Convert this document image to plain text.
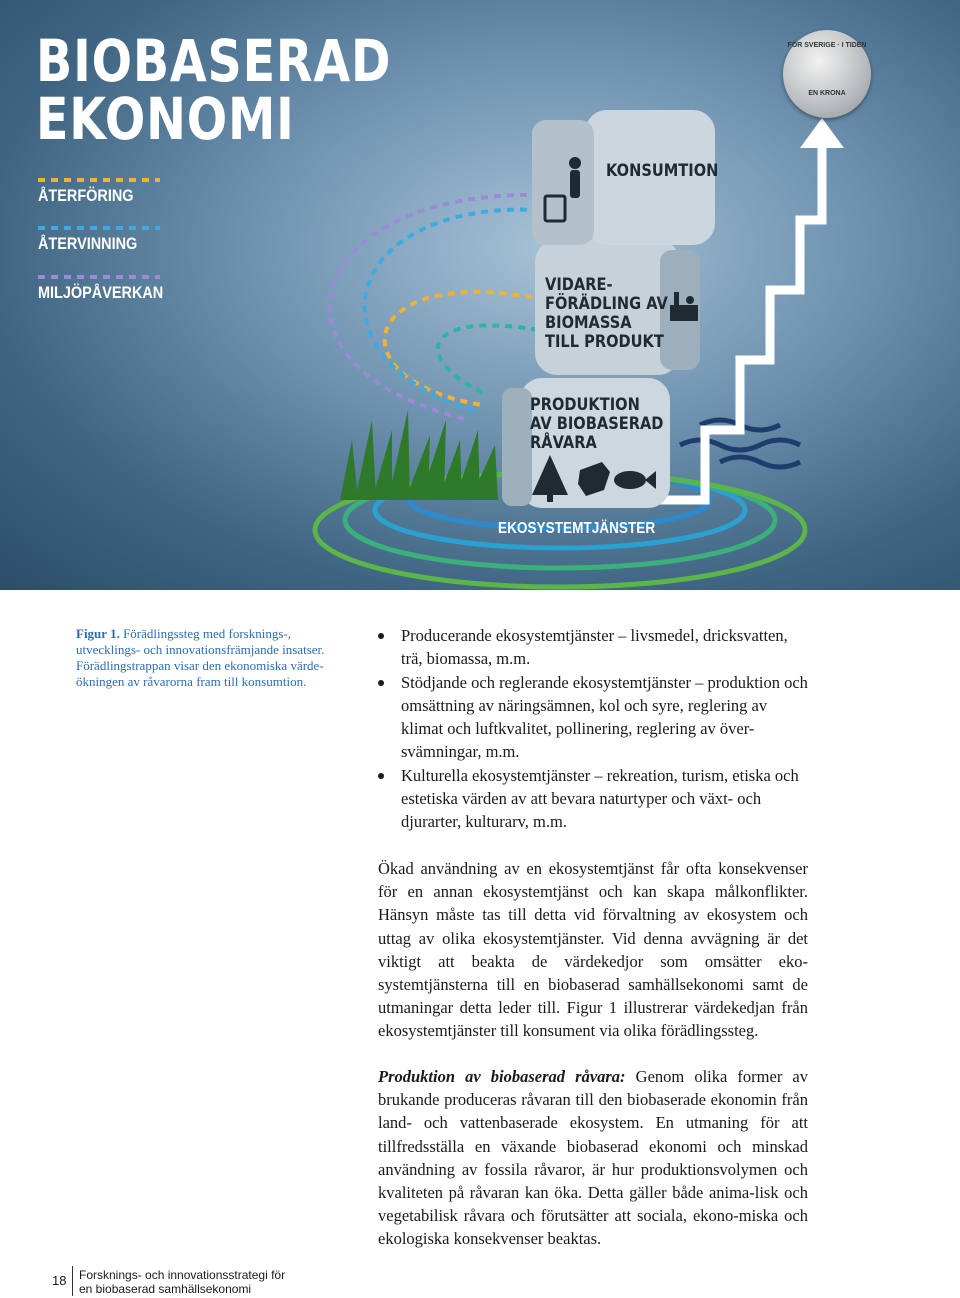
BIOBASERAD
EKONOMI
ÅTERFÖRING
ÅTERVINNING
MILJÖPÅVERKAN
KONSUMTION
VIDARE-
FÖRÄDLING AV
BIOMASSA
TILL PRODUKT
PRODUKTION
AV BIOBASERAD
RÅVARA
EKOSYSTEMTJÄNSTER
FÖR SVERIGE · I TIDEN
EN KRONA

Figur 1. Förädlingssteg med forsknings-, utvecklings- och innovationsfrämjande insatser. Förädlingstrappan visar den ekonomiska värde-ökningen av råvarorna fram till konsumtion.

Producerande ekosystemtjänster – livsmedel, dricksvatten, trä, biomassa, m.m.
Stödjande och reglerande ekosystemtjänster – produktion och omsättning av näringsämnen, kol och syre, reglering av klimat och luftkvalitet, pollinering, reglering av över-svämningar, m.m.
Kulturella ekosystemtjänster – rekreation, turism, etiska och estetiska värden av att bevara naturtyper och växt- och djurarter, kulturarv, m.m.

Ökad användning av en ekosystemtjänst får ofta konsekvenser för en annan ekosystemtjänst och kan skapa målkonflikter. Hänsyn måste tas till detta vid förvaltning av ekosystem och uttag av olika ekosystemtjänster. Vid denna avvägning är det viktigt att beakta de värdekedjor som omsätter eko-systemtjänsterna till en biobaserad samhällsekonomi samt de utmaningar detta leder till. Figur 1 illustrerar värdekedjan från ekosystemtjänster till konsument via olika förädlingssteg.

Produktion av biobaserad råvara: Genom olika former av brukande produceras råvaran till den biobaserade ekonomin från land- och vattenbaserade ekosystem. En utmaning för att tillfredsställa en växande biobaserad ekonomi och minskad användning av fossila råvaror, är hur produktionsvolymen och kvaliteten på råvaran kan öka. Detta gäller både anima-lisk och vegetabilisk råvara och förutsätter att sociala, ekono-miska och ekologiska konsekvenser beaktas.

18 Forsknings- och innovationsstrategi för
en biobaserad samhällsekonomi
